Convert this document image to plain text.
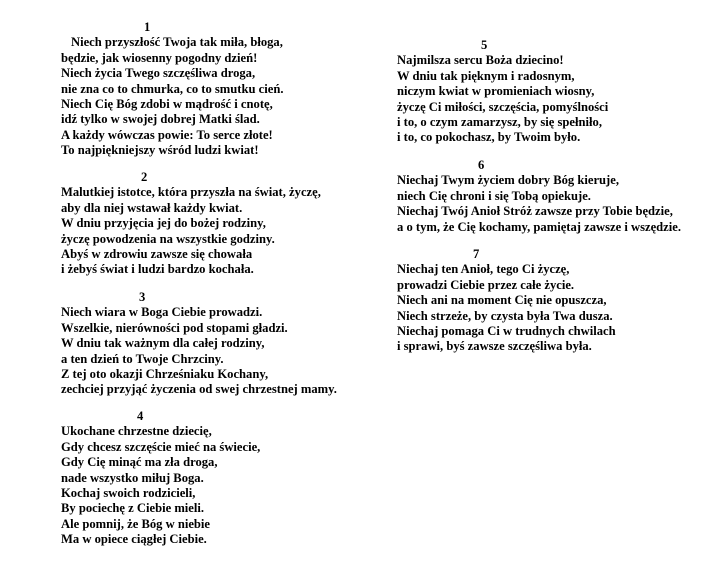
1
Niech przyszłość Twoja tak miła, błoga,
będzie, jak wiosenny pogodny dzień!
Niech życia Twego szczęśliwa droga,
nie zna co to chmurka, co to smutku cień.
Niech Cię Bóg zdobi w mądrość i cnotę,
idź tylko w swojej dobrej Matki ślad.
A każdy wówczas powie: To serce złote!
To najpiękniejszy wśród ludzi kwiat!
2
Malutkiej istotce, która przyszła na świat, życzę,
aby dla niej wstawał każdy kwiat.
W dniu przyjęcia jej do bożej rodziny,
życzę powodzenia na wszystkie godziny.
Abyś w zdrowiu zawsze się chowała
i żebyś świat i ludzi bardzo kochała.
3
Niech wiara w Boga Ciebie prowadzi.
Wszelkie, nierówności pod stopami gładzi.
W dniu tak ważnym dla całej rodziny,
a ten dzień to Twoje Chrzciny.
Z tej oto okazji Chrześniaku Kochany,
zechciej przyjąć życzenia od swej chrzestnej mamy.
4
Ukochane chrzestne dziecię,
Gdy chcesz szczęście mieć na świecie,
Gdy Cię minąć ma zła droga,
nade wszystko miłuj Boga.
Kochaj swoich rodzicieli,
By pociechę z Ciebie mieli.
Ale pomnij, że Bóg w niebie
Ma w opiece ciągłej Ciebie.
5
Najmilsza sercu Boża dziecino!
W dniu tak pięknym i radosnym,
niczym kwiat w promieniach wiosny,
życzę Ci miłości, szczęścia, pomyślności
i to, o czym zamarzysz, by się spełniło,
i to, co pokochasz, by Twoim było.
6
Niechaj Twym życiem dobry Bóg kieruje,
niech Cię chroni i się Tobą opiekuje.
Niechaj Twój Anioł Stróż zawsze przy Tobie będzie,
a o tym, że Cię kochamy, pamiętaj zawsze i wszędzie.
7
Niechaj ten Anioł, tego Ci życzę,
prowadzi Ciebie przez całe życie.
Niech ani na moment Cię nie opuszcza,
Niech strzeże, by czysta była Twa dusza.
Niechaj pomaga Ci w trudnych chwilach
i sprawi, byś zawsze szczęśliwa była.
